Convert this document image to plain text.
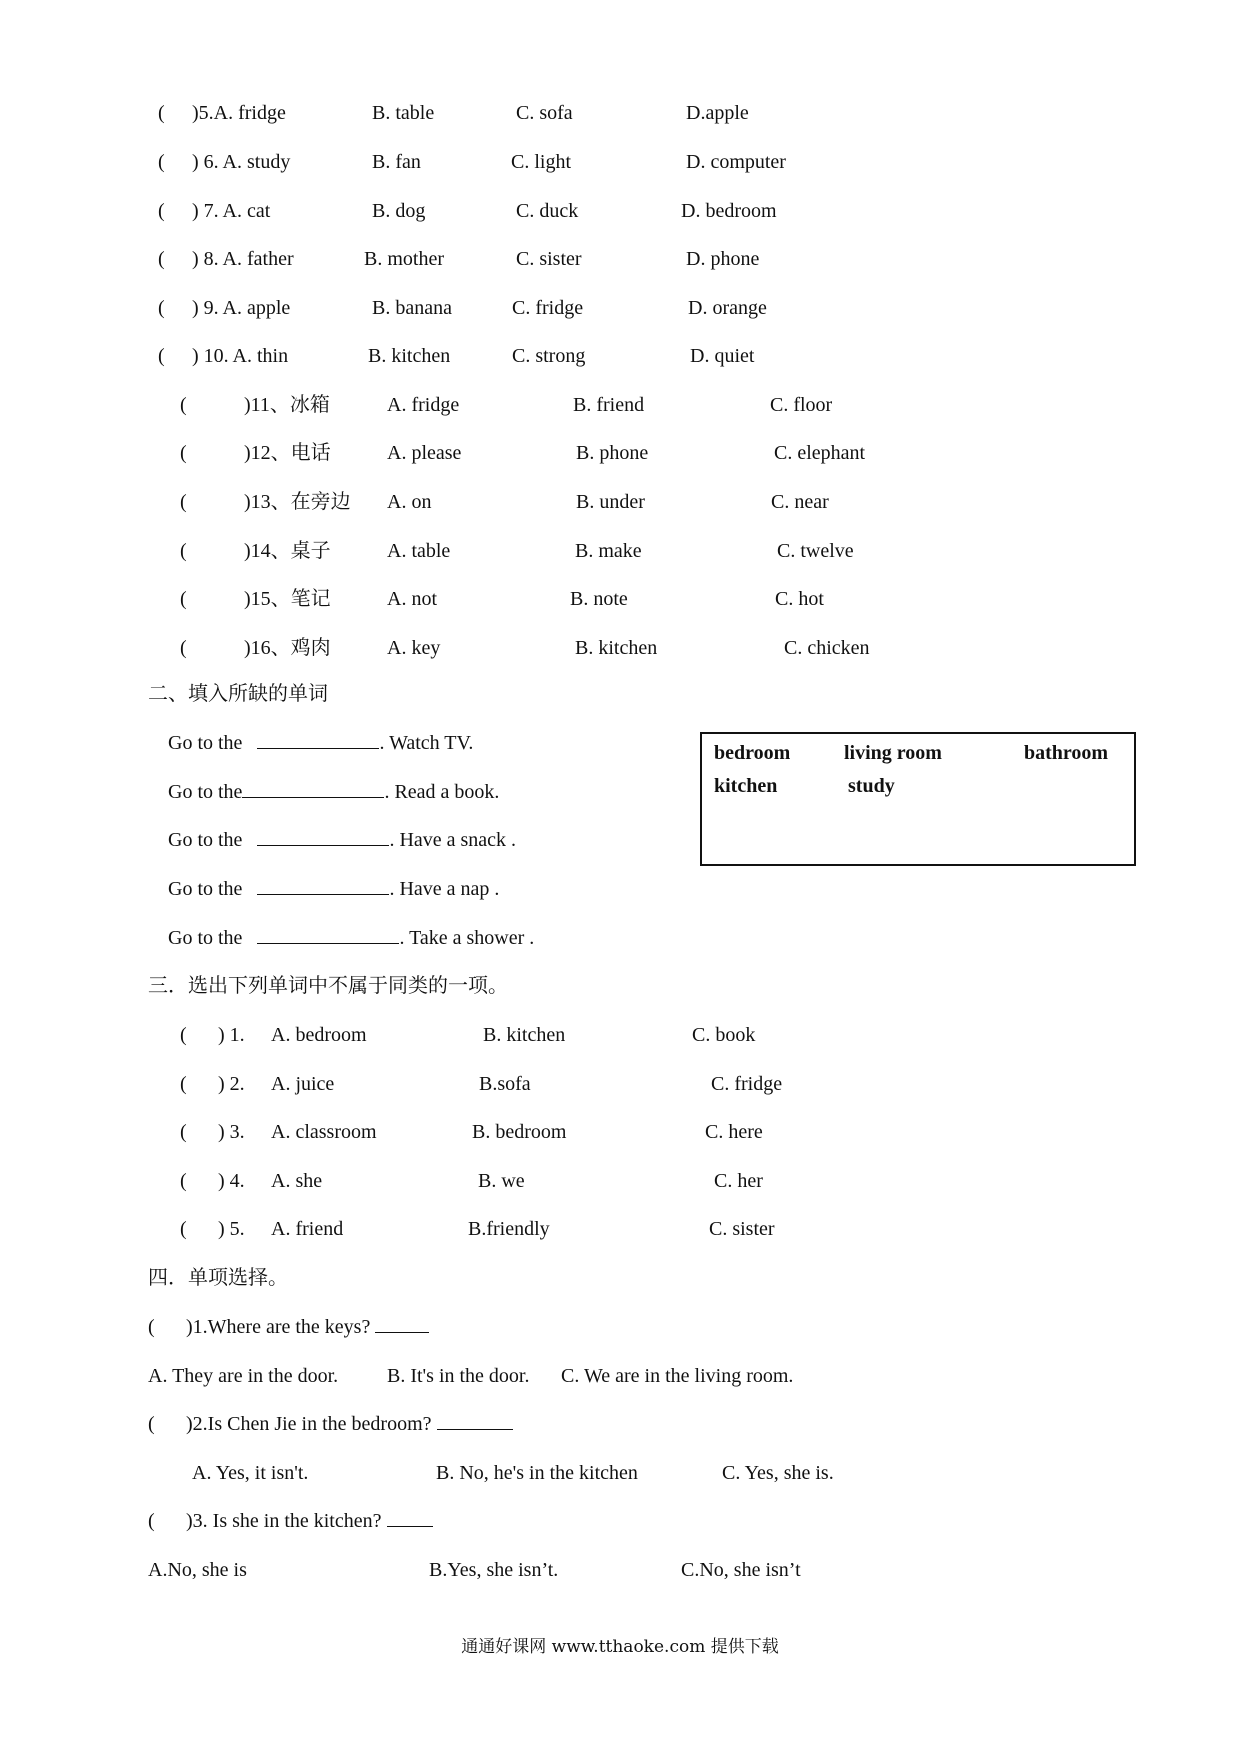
( )5.A. fridge	B. table	C. sofa	D.apple
( ) 6. A. study	B. fan	C. light	D. computer
( ) 7. A. cat	B. dog	C. duck	D. bedroom
( ) 8. A. father	B. mother	C. sister	D. phone
( ) 9. A. apple	B. banana	C. fridge	D. orange
( ) 10. A. thin	B. kitchen	C. strong	D. quiet
(	)11、冰箱	A. fridge	B. friend	C. floor
(	)12、电话	A. please	B. phone	C. elephant
(	)13、在旁边 A. on	B. under	C. near
(	)14、桌子	A. table	B. make	C. twelve
(	)15、笔记	A. not	B. note	C. hot
(	)16、鸡肉	A. key	B. kitchen	C. chicken
二、填入所缺的单词
Go to the	. Watch TV.
Go to the	. Read a book.
Go to the	. Have a snack .
Go to the	. Have a nap .
Go to the	. Take a shower .
bedroom	living room	bathroom
kitchen	study
三．选出下列单词中不属于同类的一项。
( ) 1. A. bedroom	B. kitchen	C. book
( ) 2. A. juice	B.sofa	C. fridge
( ) 3. A. classroom	B. bedroom	C. here
( ) 4. A. she	B. we	C. her
( ) 5. A. friend	B.friendly	C. sister
四．单项选择。
( )1.Where are the keys?
A. They are in the door. B. It's in the door. C. We are in the living room.
( )2.Is Chen Jie in the bedroom?
A. Yes, it isn't.	B. No, he's in the kitchen	C. Yes, she is.
( )3. Is she in the kitchen?
A.No, she is	B.Yes, she isn’t.	C.No, she isn’t
通通好课网 www.tthaoke.com 提供下载
